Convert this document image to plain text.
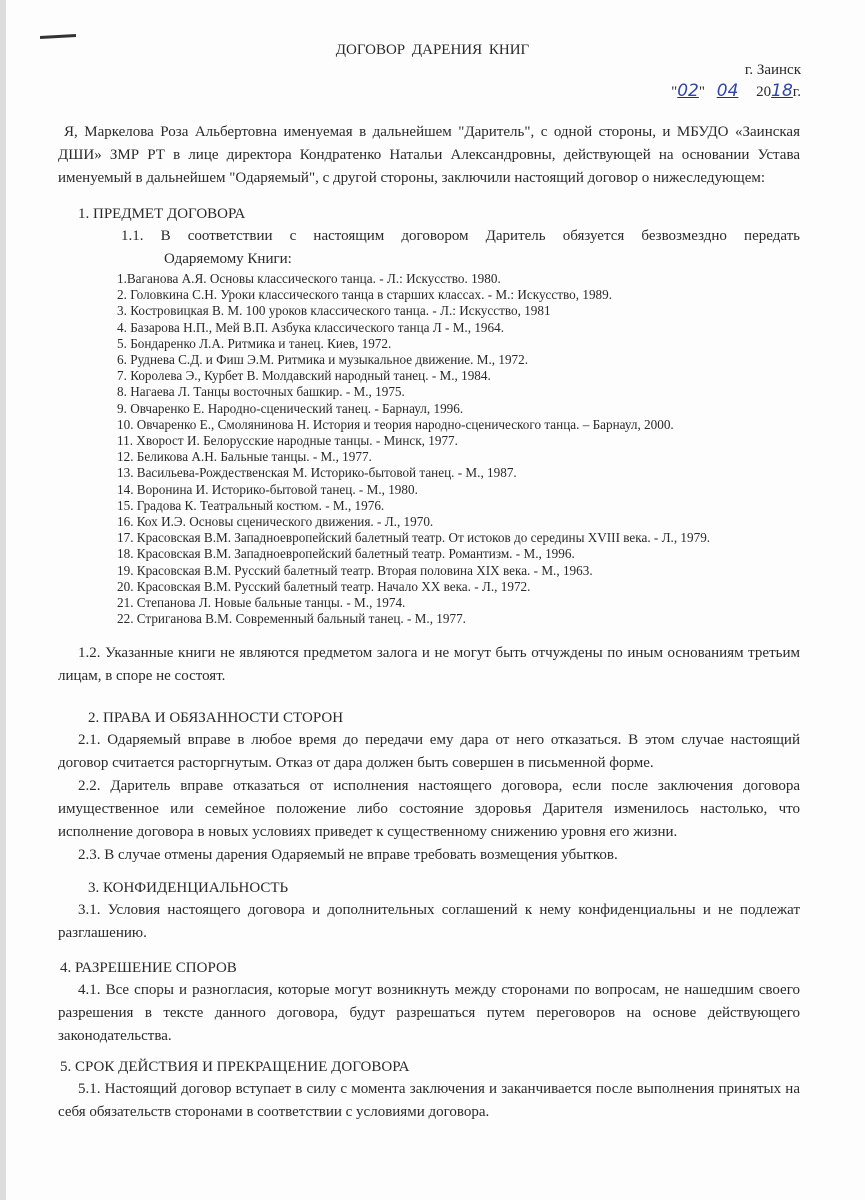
ДОГОВОР ДАРЕНИЯ КНИГ
г. Заинск
"02" 04 2018г.

Я, Маркелова Роза Альбертовна именуемая в дальнейшем "Даритель", с одной стороны, и МБУДО «Заинская ДШИ» ЗМР РТ в лице директора Кондратенко Натальи Александровны, действующей на основании Устава именуемый в дальнейшем "Одаряемый", с другой стороны, заключили настоящий договор о нижеследующем:

1. ПРЕДМЕТ ДОГОВОРА

1.1. В соответствии с настоящим договором Даритель обязуется безвозмездно передать

Одаряемому Книги:

1.Ваганова А.Я. Основы классического танца. - Л.: Искусство. 1980.
2. Головкина С.Н. Уроки классического танца в старших классах. - М.: Искусство, 1989.
3. Костровицкая В. М. 100 уроков классического танца. - Л.: Искусство, 1981
4. Базарова Н.П., Мей В.П. Азбука классического танца Л - М., 1964.
5. Бондаренко Л.А. Ритмика и танец. Киев, 1972.
6. Руднева С.Д. и Фиш Э.М. Ритмика и музыкальное движение. М., 1972.
7. Королева Э., Курбет В. Молдавский народный танец. - М., 1984.
8. Нагаева Л. Танцы восточных башкир. - М., 1975.
9. Овчаренко Е. Народно-сценический танец. - Барнаул, 1996.
10. Овчаренко Е., Смолянинова Н. История и теория народно-сценического танца. – Барнаул, 2000.
11. Хворост И. Белорусские народные танцы. - Минск, 1977.
12. Беликова А.Н. Бальные танцы. - М., 1977.
13. Васильева-Рождественская М. Историко-бытовой танец. - М., 1987.
14. Воронина И. Историко-бытовой танец. - М., 1980.
15. Градова К. Театральный костюм. - М., 1976.
16. Кох И.Э. Основы сценического движения. - Л., 1970.
17. Красовская В.М. Западноевропейский балетный театр. От истоков до середины XVIII века. - Л., 1979.
18. Красовская В.М. Западноевропейский балетный театр. Романтизм. - М., 1996.
19. Красовская В.М. Русский балетный театр. Вторая половина XIX века. - М., 1963.
20. Красовская В.М. Русский балетный театр. Начало XX века. - Л., 1972.
21. Степанова Л. Новые бальные танцы. - М., 1974.
22. Стриганова В.М. Современный бальный танец. - М., 1977.

1.2. Указанные книги не являются предметом залога и не могут быть отчуждены по иным основаниям третьим лицам, в споре не состоят.

2. ПРАВА И ОБЯЗАННОСТИ СТОРОН

2.1. Одаряемый вправе в любое время до передачи ему дара от него отказаться. В этом случае настоящий договор считается расторгнутым. Отказ от дара должен быть совершен в письменной форме.

2.2. Даритель вправе отказаться от исполнения настоящего договора, если после заключения договора имущественное или семейное положение либо состояние здоровья Дарителя изменилось настолько, что исполнение договора в новых условиях приведет к существенному снижению уровня его жизни.

2.3. В случае отмены дарения Одаряемый не вправе требовать возмещения убытков.

3. КОНФИДЕНЦИАЛЬНОСТЬ

3.1. Условия настоящего договора и дополнительных соглашений к нему конфиденциальны и не подлежат разглашению.

4. РАЗРЕШЕНИЕ СПОРОВ

4.1. Все споры и разногласия, которые могут возникнуть между сторонами по вопросам, не нашедшим своего разрешения в тексте данного договора, будут разрешаться путем переговоров на основе действующего законодательства.

5. СРОК ДЕЙСТВИЯ И ПРЕКРАЩЕНИЕ ДОГОВОРА

5.1. Настоящий договор вступает в силу с момента заключения и заканчивается после выполнения принятых на себя обязательств сторонами в соответствии с условиями договора.
